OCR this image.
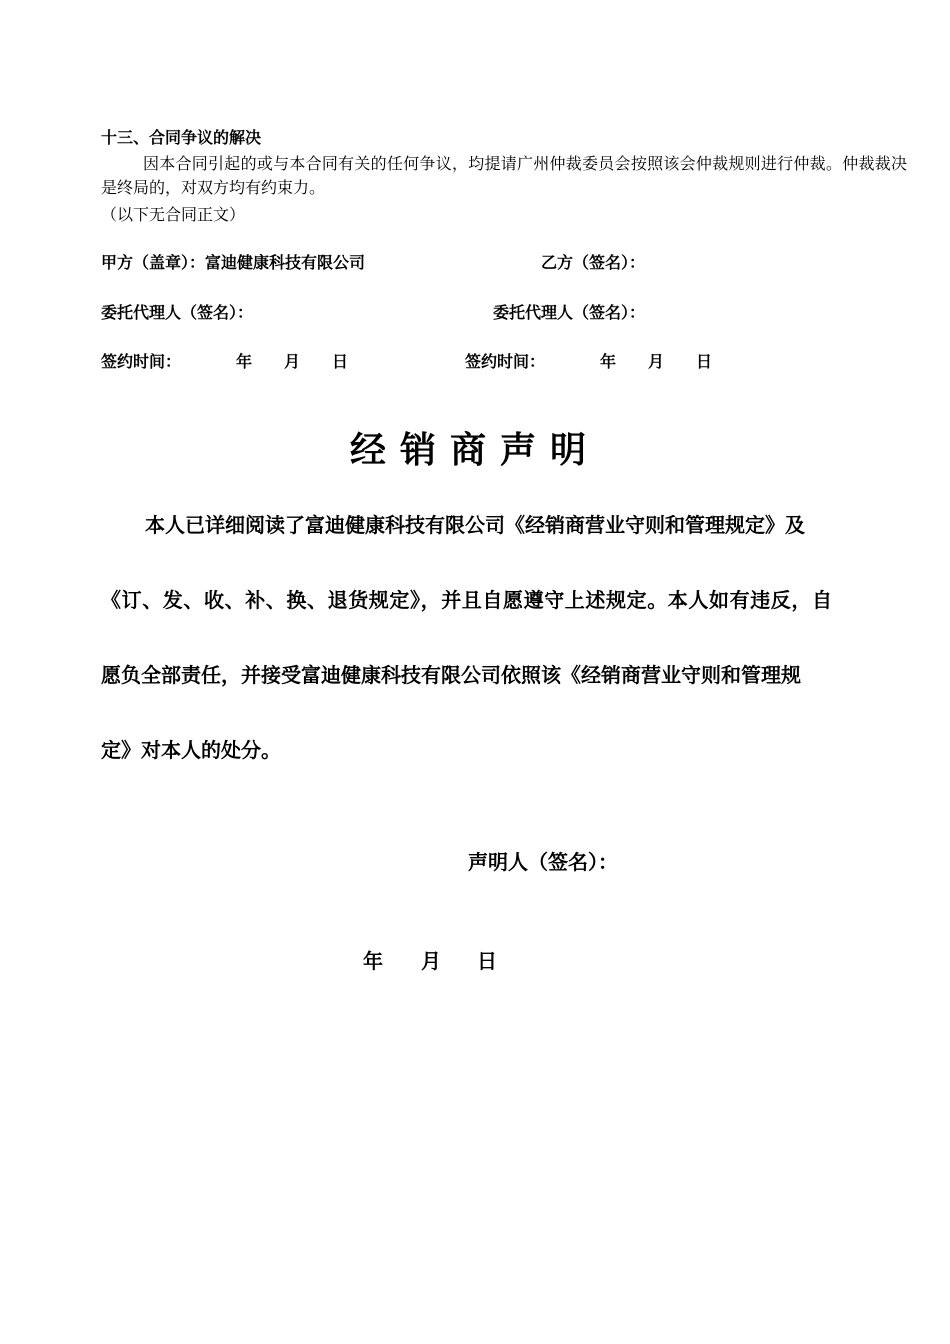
十三、合同争议的解决
因本合同引起的或与本合同有关的任何争议，均提请广州仲裁委员会按照该会仲裁规则进行仲裁。仲裁裁决是终局的，对双方均有约束力。
（以下无合同正文）
甲方（盖章）：富迪健康科技有限公司	乙方（签名）：
委托代理人（签名）：	委托代理人（签名）：
签约时间：	年 月 日	签约时间：	年 月 日
经销商声明
本人已详细阅读了富迪健康科技有限公司《经销商营业守则和管理规定》及
《订、发、收、补、换、退货规定》，并且自愿遵守上述规定。本人如有违反，自
愿负全部责任，并接受富迪健康科技有限公司依照该《经销商营业守则和管理规
定》对本人的处分。
声明人（签名）：
年 月 日
